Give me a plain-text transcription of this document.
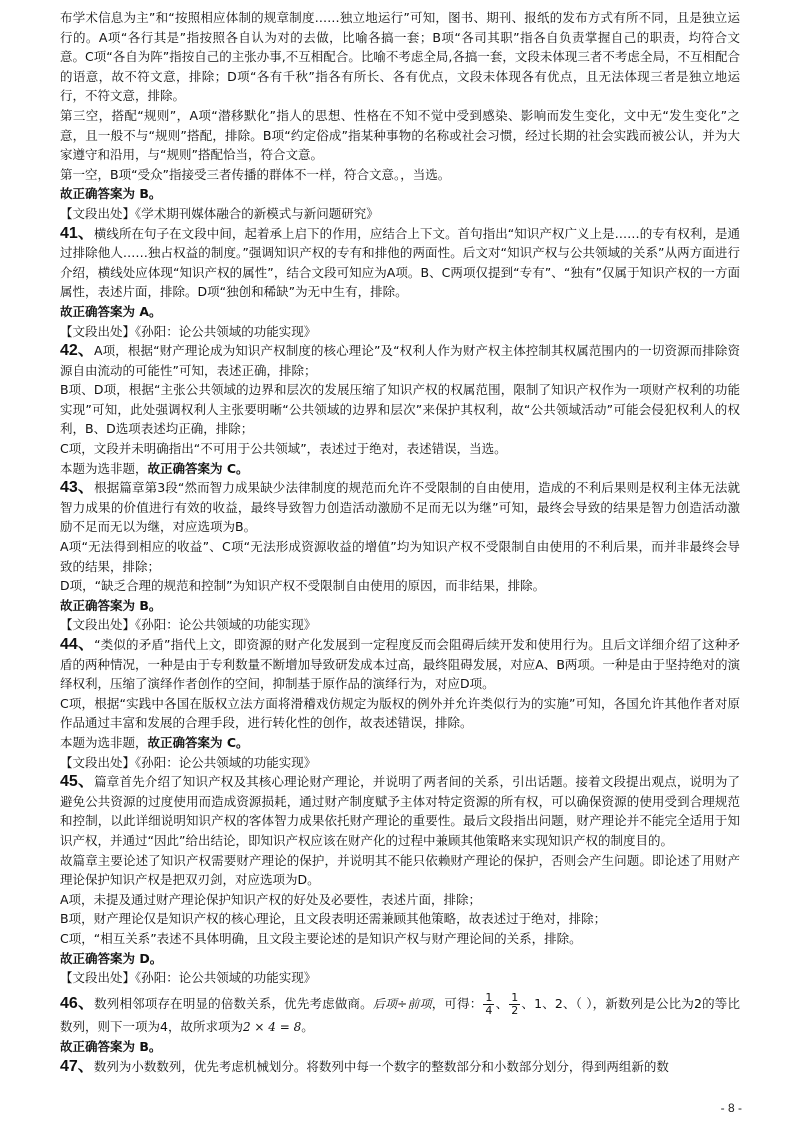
布学术信息为主”和“按照相应体制的规章制度……独立地运行”可知，图书、期刊、报纸的发布方式有所不同，且是独立运行的。A项“各行其是”指按照各自认为对的去做，比喻各搞一套；B项“各司其职”指各自负责掌握自己的职责，均符合文意。C项“各自为阵”指按自己的主张办事,不互相配合。比喻不考虑全局,各搞一套，文段未体现三者不考虑全局，不互相配合的语意，故不符文意，排除；D项“各有千秋”指各有所长、各有优点，文段未体现各有优点，且无法体现三者是独立地运行，不符文意，排除。

第三空，搭配“规则”，A项“潜移默化”指人的思想、性格在不知不觉中受到感染、影响而发生变化，文中无“发生变化”之意，且一般不与“规则”搭配，排除。B项“约定俗成”指某种事物的名称或社会习惯，经过长期的社会实践而被公认，并为大家遵守和沿用，与“规则”搭配恰当，符合文意。

第一空，B项“受众”指接受三者传播的群体不一样，符合文意。，当选。

故正确答案为 B。

【文段出处】《学术期刊媒体融合的新模式与新问题研究》

41、横线所在句子在文段中间，起着承上启下的作用，应结合上下文。首句指出“知识产权广义上是……的专有权利，是通过排除他人……独占权益的制度。”强调知识产权的专有和排他的两面性。后文对“知识产权与公共领域的关系”从两方面进行介绍，横线处应体现“知识产权的属性”，结合文段可知应为A项。B、C两项仅提到“专有”、“独有”仅属于知识产权的一方面属性，表述片面，排除。D项“独创和稀缺”为无中生有，排除。

故正确答案为 A。

【文段出处】《孙阳：论公共领域的功能实现》

42、A项，根据“财产理论成为知识产权制度的核心理论”及“权利人作为财产权主体控制其权属范围内的一切资源而排除资源自由流动的可能性”可知，表述正确，排除；

B项、D项，根据“主张公共领域的边界和层次的发展压缩了知识产权的权属范围，限制了知识产权作为一项财产权利的功能实现”可知，此处强调权利人主张要明晰“公共领域的边界和层次”来保护其权利，故“公共领域活动”可能会侵犯权利人的权利，B、D选项表述均正确，排除；

C项，文段并未明确指出“不可用于公共领域”，表述过于绝对，表述错误，当选。

本题为选非题，故正确答案为 C。

43、根据篇章第3段“然而智力成果缺少法律制度的规范而允许不受限制的自由使用，造成的不利后果则是权利主体无法就智力成果的价值进行有效的收益，最终导致智力创造活动激励不足而无以为继”可知，最终会导致的结果是智力创造活动激励不足而无以为继，对应选项为B。

A项“无法得到相应的收益”、C项“无法形成资源收益的增值”均为知识产权不受限制自由使用的不利后果，而并非最终会导致的结果，排除；

D项，“缺乏合理的规范和控制”为知识产权不受限制自由使用的原因，而非结果，排除。

故正确答案为 B。

【文段出处】《孙阳：论公共领域的功能实现》

44、“类似的矛盾”指代上文，即资源的财产化发展到一定程度反而会阻碍后续开发和使用行为。且后文详细介绍了这种矛盾的两种情况，一种是由于专利数量不断增加导致研发成本过高，最终阻碍发展，对应A、B两项。一种是由于坚持绝对的演绎权利，压缩了演绎作者创作的空间，抑制基于原作品的演绎行为，对应D项。

C项，根据“实践中各国在版权立法方面将滑稽戏仿规定为版权的例外并允许类似行为的实施”可知，各国允许其他作者对原作品通过丰富和发展的合理手段，进行转化性的创作，故表述错误，排除。

本题为选非题，故正确答案为 C。

【文段出处】《孙阳：论公共领域的功能实现》

45、篇章首先介绍了知识产权及其核心理论财产理论，并说明了两者间的关系，引出话题。接着文段提出观点，说明为了避免公共资源的过度使用而造成资源损耗，通过财产制度赋予主体对特定资源的所有权，可以确保资源的使用受到合理规范和控制，以此详细说明知识产权的客体智力成果依托财产理论的重要性。最后文段指出问题，财产理论并不能完全适用于知识产权，并通过“因此”给出结论，即知识产权应该在财产化的过程中兼顾其他策略来实现知识产权的制度目的。

故篇章主要论述了知识产权需要财产理论的保护，并说明其不能只依赖财产理论的保护，否则会产生问题。即论述了用财产理论保护知识产权是把双刃剑，对应选项为D。

A项，未提及通过财产理论保护知识产权的好处及必要性，表述片面，排除；

B项，财产理论仅是知识产权的核心理论，且文段表明还需兼顾其他策略，故表述过于绝对，排除；

C项，“相互关系”表述不具体明确，且文段主要论述的是知识产权与财产理论间的关系，排除。

故正确答案为 D。

【文段出处】《孙阳：论公共领域的功能实现》

46、数列相邻项存在明显的倍数关系，优先考虑做商。后项÷前项，可得： $\frac{1}{4}$ 、 $\frac{1}{2}$ 、1、2、（ ），新数列是公比为2的等比数列，则下一项为4，故所求项为2 × 4 = 8。

故正确答案为 B。

47、数列为小数数列，优先考虑机械划分。将数列中每一个数字的整数部分和小数部分划分，得到两组新的数

- 8 -
